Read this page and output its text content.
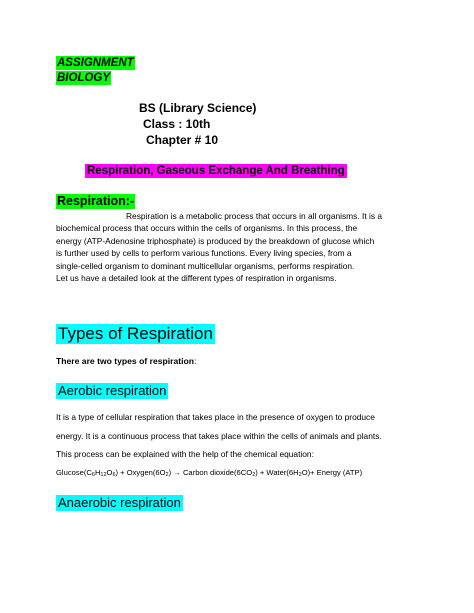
ASSIGNMENT
BIOLOGY
BS (Library Science)
Class : 10th
Chapter # 10
Respiration, Gaseous Exchange And Breathing
Respiration:-
Respiration is a metabolic process that occurs in all organisms. It is a
biochemical process that occurs within the cells of organisms. In this process, the
energy (ATP-Adenosine triphosphate) is produced by the breakdown of glucose which
is further used by cells to perform various functions. Every living species, from a
single-celled organism to dominant multicellular organisms, performs respiration.
Let us have a detailed look at the different types of respiration in organisms.
Types of Respiration
There are two types of respiration:
Aerobic respiration
It is a type of cellular respiration that takes place in the presence of oxygen to produce
energy. It is a continuous process that takes place within the cells of animals and plants.
This process can be explained with the help of the chemical equation:
$Glucose(C_6H_{12}O_6)$ + $Oxygen(6O_2)$ → Carbon $dioxide(6CO_2)$ + $Water(6H_2O)+$ Energy (ATP)
Anaerobic respiration
